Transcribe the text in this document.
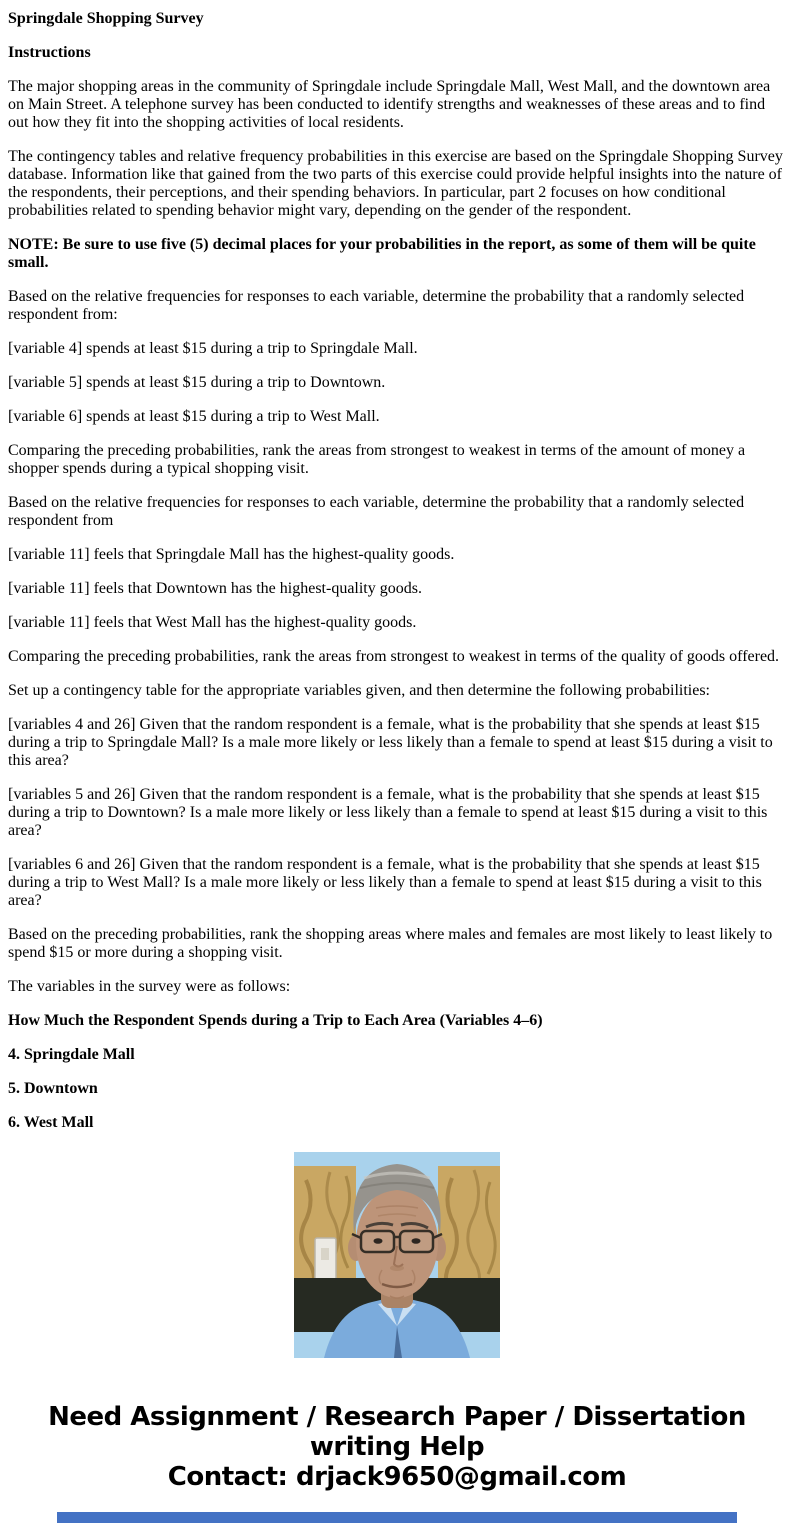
Springdale Shopping Survey

Instructions

The major shopping areas in the community of Springdale include Springdale Mall, West Mall, and the downtown area on Main Street. A telephone survey has been conducted to identify strengths and weaknesses of these areas and to find out how they fit into the shopping activities of local residents.

The contingency tables and relative frequency probabilities in this exercise are based on the Springdale Shopping Survey database. Information like that gained from the two parts of this exercise could provide helpful insights into the nature of the respondents, their perceptions, and their spending behaviors. In particular, part 2 focuses on how conditional probabilities related to spending behavior might vary, depending on the gender of the respondent.

NOTE: Be sure to use five (5) decimal places for your probabilities in the report, as some of them will be quite small.

Based on the relative frequencies for responses to each variable, determine the probability that a randomly selected respondent from:

[variable 4] spends at least $15 during a trip to Springdale Mall.

[variable 5] spends at least $15 during a trip to Downtown.

[variable 6] spends at least $15 during a trip to West Mall.

Comparing the preceding probabilities, rank the areas from strongest to weakest in terms of the amount of money a shopper spends during a typical shopping visit.

Based on the relative frequencies for responses to each variable, determine the probability that a randomly selected respondent from

[variable 11] feels that Springdale Mall has the highest-quality goods.

[variable 11] feels that Downtown has the highest-quality goods.

[variable 11] feels that West Mall has the highest-quality goods.

Comparing the preceding probabilities, rank the areas from strongest to weakest in terms of the quality of goods offered.

Set up a contingency table for the appropriate variables given, and then determine the following probabilities:

[variables 4 and 26] Given that the random respondent is a female, what is the probability that she spends at least $15 during a trip to Springdale Mall? Is a male more likely or less likely than a female to spend at least $15 during a visit to this area?

[variables 5 and 26] Given that the random respondent is a female, what is the probability that she spends at least $15 during a trip to Downtown? Is a male more likely or less likely than a female to spend at least $15 during a visit to this area?

[variables 6 and 26] Given that the random respondent is a female, what is the probability that she spends at least $15 during a trip to West Mall? Is a male more likely or less likely than a female to spend at least $15 during a visit to this area?

Based on the preceding probabilities, rank the shopping areas where males and females are most likely to least likely to spend $15 or more during a shopping visit.

The variables in the survey were as follows:

How Much the Respondent Spends during a Trip to Each Area (Variables 4–6)

4. Springdale Mall

5. Downtown

6. West Mall

Need Assignment / Research Paper / Dissertation
writing Help
Contact: drjack9650@gmail.com
